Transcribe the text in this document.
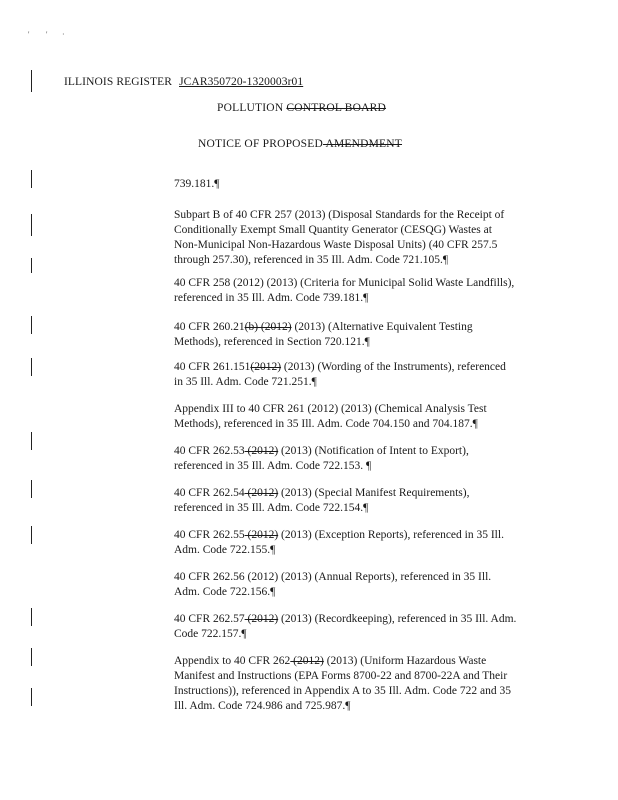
' ' ·
ILLINOIS REGISTER JCAR350720-1320003r01
POLLUTION CONTROL BOARD
NOTICE OF PROPOSED AMENDMENT
739.181.¶
Subpart B of 40 CFR 257 (2013) (Disposal Standards for the Receipt of
Conditionally Exempt Small Quantity Generator (CESQG) Wastes at
Non-Municipal Non-Hazardous Waste Disposal Units) (40 CFR 257.5
through 257.30), referenced in 35 Ill. Adm. Code 721.105.¶
40 CFR 258 (2012) (2013) (Criteria for Municipal Solid Waste Landfills),
referenced in 35 Ill. Adm. Code 739.181.¶
40 CFR 260.21(b) (2012) (2013) (Alternative Equivalent Testing
Methods), referenced in Section 720.121.¶
40 CFR 261.151(2012) (2013) (Wording of the Instruments), referenced
in 35 Ill. Adm. Code 721.251.¶
Appendix III to 40 CFR 261 (2012) (2013) (Chemical Analysis Test
Methods), referenced in 35 Ill. Adm. Code 704.150 and 704.187.¶
40 CFR 262.53 (2012) (2013) (Notification of Intent to Export),
referenced in 35 Ill. Adm. Code 722.153. ¶
40 CFR 262.54 (2012) (2013) (Special Manifest Requirements),
referenced in 35 Ill. Adm. Code 722.154.¶
40 CFR 262.55 (2012) (2013) (Exception Reports), referenced in 35 Ill.
Adm. Code 722.155.¶
40 CFR 262.56 (2012) (2013) (Annual Reports), referenced in 35 Ill.
Adm. Code 722.156.¶
40 CFR 262.57 (2012) (2013) (Recordkeeping), referenced in 35 Ill. Adm.
Code 722.157.¶
Appendix to 40 CFR 262 (2012) (2013) (Uniform Hazardous Waste
Manifest and Instructions (EPA Forms 8700-22 and 8700-22A and Their
Instructions)), referenced in Appendix A to 35 Ill. Adm. Code 722 and 35
Ill. Adm. Code 724.986 and 725.987.¶
